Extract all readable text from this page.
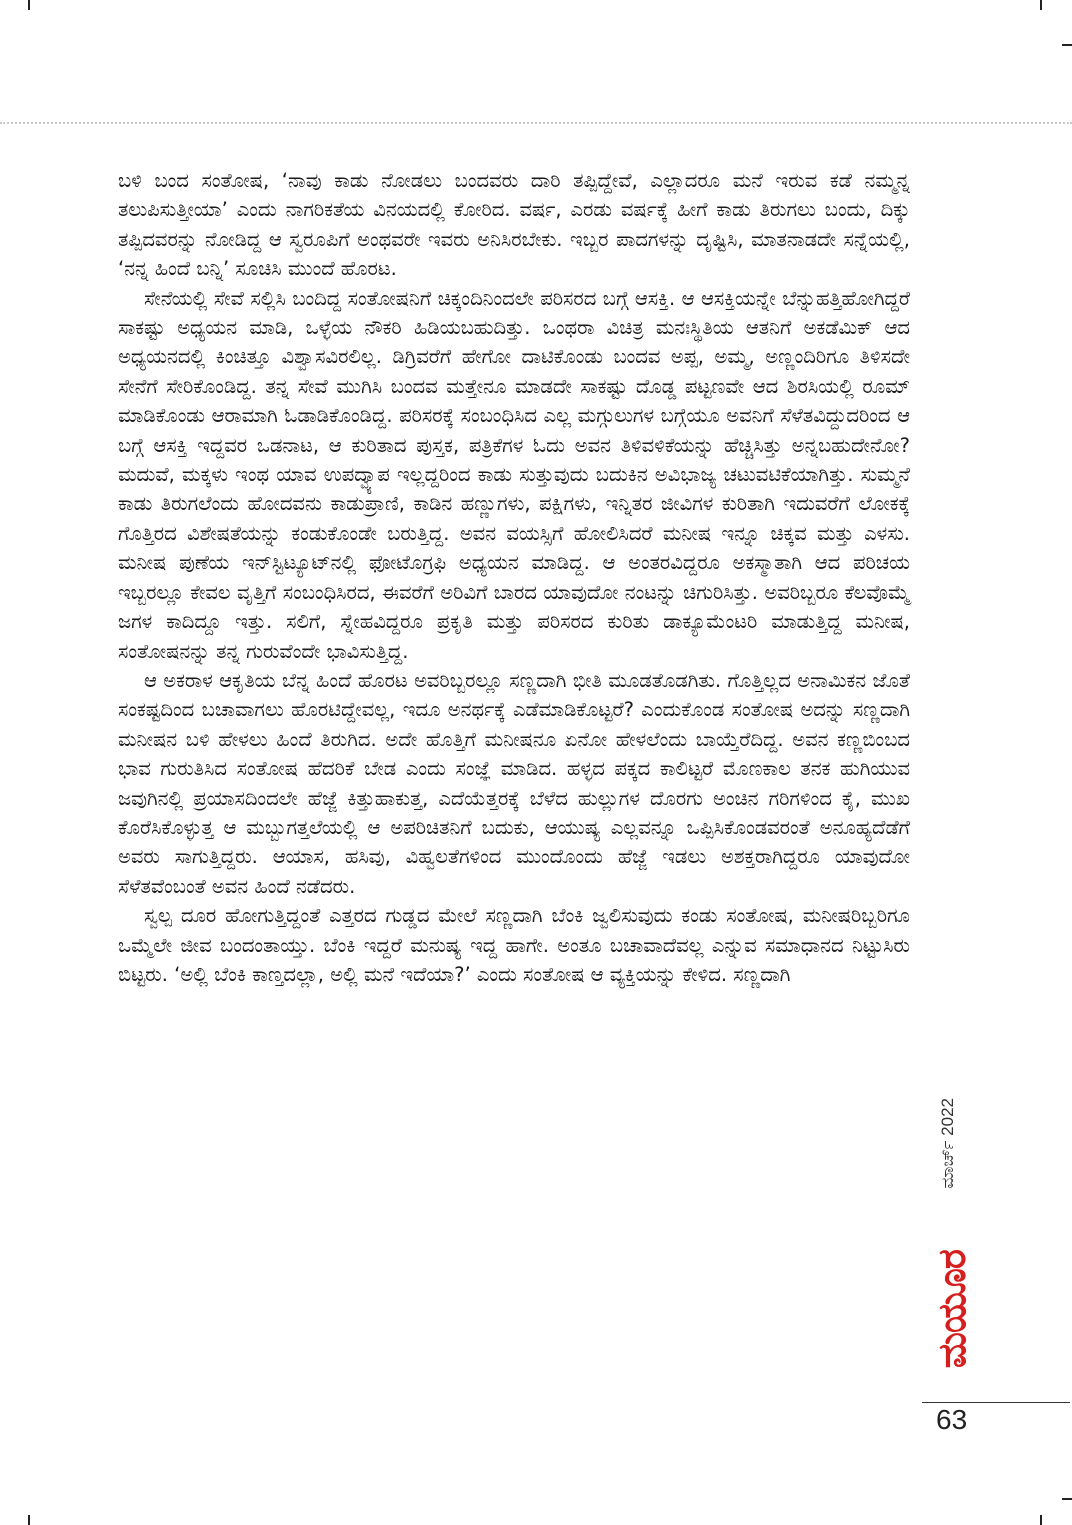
ಬಳಿ ಬಂದ ಸಂತೋಷ, ‘ನಾವು ಕಾಡು ನೋಡಲು ಬಂದವರು ದಾರಿ ತಪ್ಪಿದ್ದೇವೆ, ಎಲ್ಲಾದರೂ ಮನೆ ಇರುವ ಕಡೆ ನಮ್ಮನ್ನ ತಲುಪಿಸುತ್ತೀಯಾ’ ಎಂದು ನಾಗರಿಕತೆಯ ವಿನಯದಲ್ಲಿ ಕೋರಿದ. ವರ್ಷ, ಎರಡು ವರ್ಷಕ್ಕೆ ಹೀಗೆ ಕಾಡು ತಿರುಗಲು ಬಂದು, ದಿಕ್ಕು ತಪ್ಪಿದವರನ್ನು ನೋಡಿದ್ದ ಆ ಸ್ವರೂಪಿಗೆ ಅಂಥವರೇ ಇವರು ಅನಿಸಿರಬೇಕು. ಇಬ್ಬರ ಪಾದಗಳನ್ನು ದೃಷ್ಟಿಸಿ, ಮಾತನಾಡದೇ ಸನ್ನೆಯಲ್ಲಿ, ‘ನನ್ನ ಹಿಂದೆ ಬನ್ನಿ’ ಸೂಚಿಸಿ ಮುಂದೆ ಹೊರಟ.

ಸೇನೆಯಲ್ಲಿ ಸೇವೆ ಸಲ್ಲಿಸಿ ಬಂದಿದ್ದ ಸಂತೋಷನಿಗೆ ಚಿಕ್ಕಂದಿನಿಂದಲೇ ಪರಿಸರದ ಬಗ್ಗೆ ಆಸಕ್ತಿ. ಆ ಆಸಕ್ತಿಯನ್ನೇ ಬೆನ್ನುಹತ್ತಿಹೋಗಿದ್ದರೆ ಸಾಕಷ್ಟು ಅಧ್ಯಯನ ಮಾಡಿ, ಒಳ್ಳೆಯ ನೌಕರಿ ಹಿಡಿಯಬಹುದಿತ್ತು. ಒಂಥರಾ ವಿಚಿತ್ರ ಮನಃಸ್ಥಿತಿಯ ಆತನಿಗೆ ಅಕಡೆಮಿಕ್ ಆದ ಅಧ್ಯಯನದಲ್ಲಿ ಕಿಂಚಿತ್ತೂ ವಿಶ್ವಾಸವಿರಲಿಲ್ಲ. ಡಿಗ್ರಿವರೆಗೆ ಹೇಗೋ ದಾಟಿಕೊಂಡು ಬಂದವ ಅಪ್ಪ, ಅಮ್ಮ, ಅಣ್ಣಂದಿರಿಗೂ ತಿಳಿಸದೇ ಸೇನೆಗೆ ಸೇರಿಕೊಂಡಿದ್ದ. ತನ್ನ ಸೇವೆ ಮುಗಿಸಿ ಬಂದವ ಮತ್ತೇನೂ ಮಾಡದೇ ಸಾಕಷ್ಟು ದೊಡ್ಡ ಪಟ್ಟಣವೇ ಆದ ಶಿರಸಿಯಲ್ಲಿ ರೂಮ್ ಮಾಡಿಕೊಂಡು ಆರಾಮಾಗಿ ಓಡಾಡಿಕೊಂಡಿದ್ದ. ಪರಿಸರಕ್ಕೆ ಸಂಬಂಧಿಸಿದ ಎಲ್ಲ ಮಗ್ಗುಲುಗಳ ಬಗ್ಗೆಯೂ ಅವನಿಗೆ ಸೆಳೆತವಿದ್ದುದರಿಂದ ಆ ಬಗ್ಗೆ ಆಸಕ್ತಿ ಇದ್ದವರ ಒಡನಾಟ, ಆ ಕುರಿತಾದ ಪುಸ್ತಕ, ಪತ್ರಿಕೆಗಳ ಓದು ಅವನ ತಿಳಿವಳಿಕೆಯನ್ನು ಹೆಚ್ಚಿಸಿತ್ತು ಅನ್ನಬಹುದೇನೋ? ಮದುವೆ, ಮಕ್ಕಳು ಇಂಥ ಯಾವ ಉಪದ್ವ್ಯಾಪ ಇಲ್ಲದ್ದರಿಂದ ಕಾಡು ಸುತ್ತುವುದು ಬದುಕಿನ ಅವಿಭಾಜ್ಯ ಚಟುವಟಿಕೆಯಾಗಿತ್ತು. ಸುಮ್ಮನೆ ಕಾಡು ತಿರುಗಲೆಂದು ಹೋದವನು ಕಾಡುಪ್ರಾಣಿ, ಕಾಡಿನ ಹಣ್ಣುಗಳು, ಪಕ್ಷಿಗಳು, ಇನ್ನಿತರ ಜೀವಿಗಳ ಕುರಿತಾಗಿ ಇದುವರೆಗೆ ಲೋಕಕ್ಕೆ ಗೊತ್ತಿರದ ವಿಶೇಷತೆಯನ್ನು ಕಂಡುಕೊಂಡೇ ಬರುತ್ತಿದ್ದ. ಅವನ ವಯಸ್ಸಿಗೆ ಹೋಲಿಸಿದರೆ ಮನೀಷ ಇನ್ನೂ ಚಿಕ್ಕವ ಮತ್ತು ಎಳಸು. ಮನೀಷ ಪುಣೆಯ ಇನ್‌ಸ್ಟಿಟ್ಯೂಟ್‌ನಲ್ಲಿ ಫೋಟೊಗ್ರಫಿ ಅಧ್ಯಯನ ಮಾಡಿದ್ದ. ಆ ಅಂತರವಿದ್ದರೂ ಅಕಸ್ಮಾತಾಗಿ ಆದ ಪರಿಚಯ ಇಬ್ಬರಲ್ಲೂ ಕೇವಲ ವೃತ್ತಿಗೆ ಸಂಬಂಧಿಸಿರದ, ಈವರೆಗೆ ಅರಿವಿಗೆ ಬಾರದ ಯಾವುದೋ ನಂಟನ್ನು ಚಿಗುರಿಸಿತ್ತು. ಅವರಿಬ್ಬರೂ ಕೆಲವೊಮ್ಮೆ ಜಗಳ ಕಾದಿದ್ದೂ ಇತ್ತು. ಸಲಿಗೆ, ಸ್ನೇಹವಿದ್ದರೂ ಪ್ರಕೃತಿ ಮತ್ತು ಪರಿಸರದ ಕುರಿತು ಡಾಕ್ಯೂಮೆಂಟರಿ ಮಾಡುತ್ತಿದ್ದ ಮನೀಷ, ಸಂತೋಷನನ್ನು ತನ್ನ ಗುರುವೆಂದೇ ಭಾವಿಸುತ್ತಿದ್ದ.

ಆ ಅಕರಾಳ ಆಕೃತಿಯ ಬೆನ್ನ ಹಿಂದೆ ಹೊರಟ ಅವರಿಬ್ಬರಲ್ಲೂ ಸಣ್ಣದಾಗಿ ಭೀತಿ ಮೂಡತೊಡಗಿತು. ಗೊತ್ತಿಲ್ಲದ ಅನಾಮಿಕನ ಜೊತೆ ಸಂಕಷ್ಟದಿಂದ ಬಚಾವಾಗಲು ಹೊರಟಿದ್ದೇವಲ್ಲ, ಇದೂ ಅನರ್ಥಕ್ಕೆ ಎಡೆಮಾಡಿಕೊಟ್ಟರೆ? ಎಂದುಕೊಂಡ ಸಂತೋಷ ಅದನ್ನು ಸಣ್ಣದಾಗಿ ಮನೀಷನ ಬಳಿ ಹೇಳಲು ಹಿಂದೆ ತಿರುಗಿದ. ಅದೇ ಹೊತ್ತಿಗೆ ಮನೀಷನೂ ಏನೋ ಹೇಳಲೆಂದು ಬಾಯ್ತೆರೆದಿದ್ದ. ಅವನ ಕಣ್ಣಬಿಂಬದ ಭಾವ ಗುರುತಿಸಿದ ಸಂತೋಷ ಹೆದರಿಕೆ ಬೇಡ ಎಂದು ಸಂಜ್ಞೆ ಮಾಡಿದ. ಹಳ್ಳದ ಪಕ್ಕದ ಕಾಲಿಟ್ಟರೆ ಮೊಣಕಾಲ ತನಕ ಹುಗಿಯುವ ಜವುಗಿನಲ್ಲಿ ಪ್ರಯಾಸದಿಂದಲೇ ಹೆಜ್ಜೆ ಕಿತ್ತುಹಾಕುತ್ತ, ಎದೆಯೆತ್ತರಕ್ಕೆ ಬೆಳೆದ ಹುಲ್ಲುಗಳ ದೊರಗು ಅಂಚಿನ ಗರಿಗಳಿಂದ ಕೈ, ಮುಖ ಕೊರೆಸಿಕೊಳ್ಳುತ್ತ ಆ ಮಬ್ಬುಗತ್ತಲೆಯಲ್ಲಿ ಆ ಅಪರಿಚಿತನಿಗೆ ಬದುಕು, ಆಯುಷ್ಯ ಎಲ್ಲವನ್ನೂ ಒಪ್ಪಿಸಿಕೊಂಡವರಂತೆ ಅನೂಹ್ಯದೆಡೆಗೆ ಅವರು ಸಾಗುತ್ತಿದ್ದರು. ಆಯಾಸ, ಹಸಿವು, ವಿಹ್ವಲತೆಗಳಿಂದ ಮುಂದೊಂದು ಹೆಜ್ಜೆ ಇಡಲು ಅಶಕ್ತರಾಗಿದ್ದರೂ ಯಾವುದೋ ಸೆಳೆತವೆಂಬಂತೆ ಅವನ ಹಿಂದೆ ನಡೆದರು.

ಸ್ವಲ್ಪ ದೂರ ಹೋಗುತ್ತಿದ್ದಂತೆ ಎತ್ತರದ ಗುಡ್ಡದ ಮೇಲೆ ಸಣ್ಣದಾಗಿ ಬೆಂಕಿ ಜ್ವಲಿಸುವುದು ಕಂಡು ಸಂತೋಷ, ಮನೀಷರಿಬ್ಬರಿಗೂ ಒಮ್ಮೆಲೇ ಜೀವ ಬಂದಂತಾಯ್ತು. ಬೆಂಕಿ ಇದ್ದರೆ ಮನುಷ್ಯ ಇದ್ದ ಹಾಗೇ. ಅಂತೂ ಬಚಾವಾದೆವಲ್ಲ ಎನ್ನುವ ಸಮಾಧಾನದ ನಿಟ್ಟುಸಿರು ಬಿಟ್ಟರು. ‘ಅಲ್ಲಿ ಬೆಂಕಿ ಕಾಣ್ತದಲ್ಲಾ, ಅಲ್ಲಿ ಮನೆ ಇದೆಯಾ?’ ಎಂದು ಸಂತೋಷ ಆ ವ್ಯಕ್ತಿಯನ್ನು ಕೇಳಿದ. ಸಣ್ಣದಾಗಿ

ಮಾರ್ಚ್ 2022
ಮಯೂರ
63
